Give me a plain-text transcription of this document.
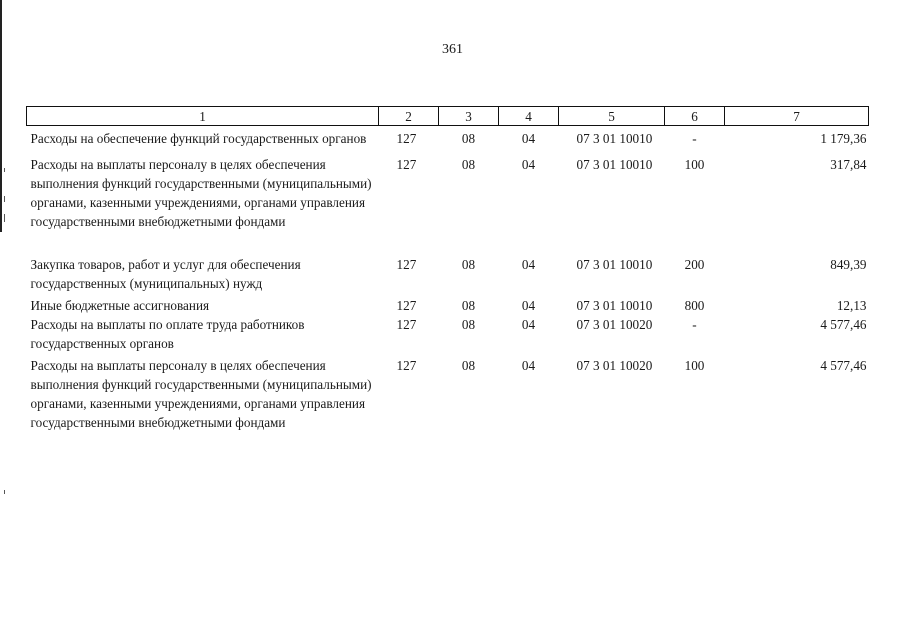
361
1	2	3	4	5	6	7
Расходы на обеспечение функций государственных органов	127	08	04	07 3 01 10010	-	1 179,36
Расходы на выплаты персоналу в целях обеспечения выполнения функций государственными (муниципальными) органами, казенными учреждениями, органами управления государственными внебюджетными фондами	127	08	04	07 3 01 10010	100	317,84
Закупка товаров, работ и услуг для обеспечения государственных (муниципальных) нужд	127	08	04	07 3 01 10010	200	849,39
Иные бюджетные ассигнования	127	08	04	07 3 01 10010	800	12,13
Расходы на выплаты по оплате труда работников государственных органов	127	08	04	07 3 01 10020	-	4 577,46
Расходы на выплаты персоналу в целях обеспечения выполнения функций государственными (муниципальными) органами, казенными учреждениями, органами управления государственными внебюджетными фондами	127	08	04	07 3 01 10020	100	4 577,46
